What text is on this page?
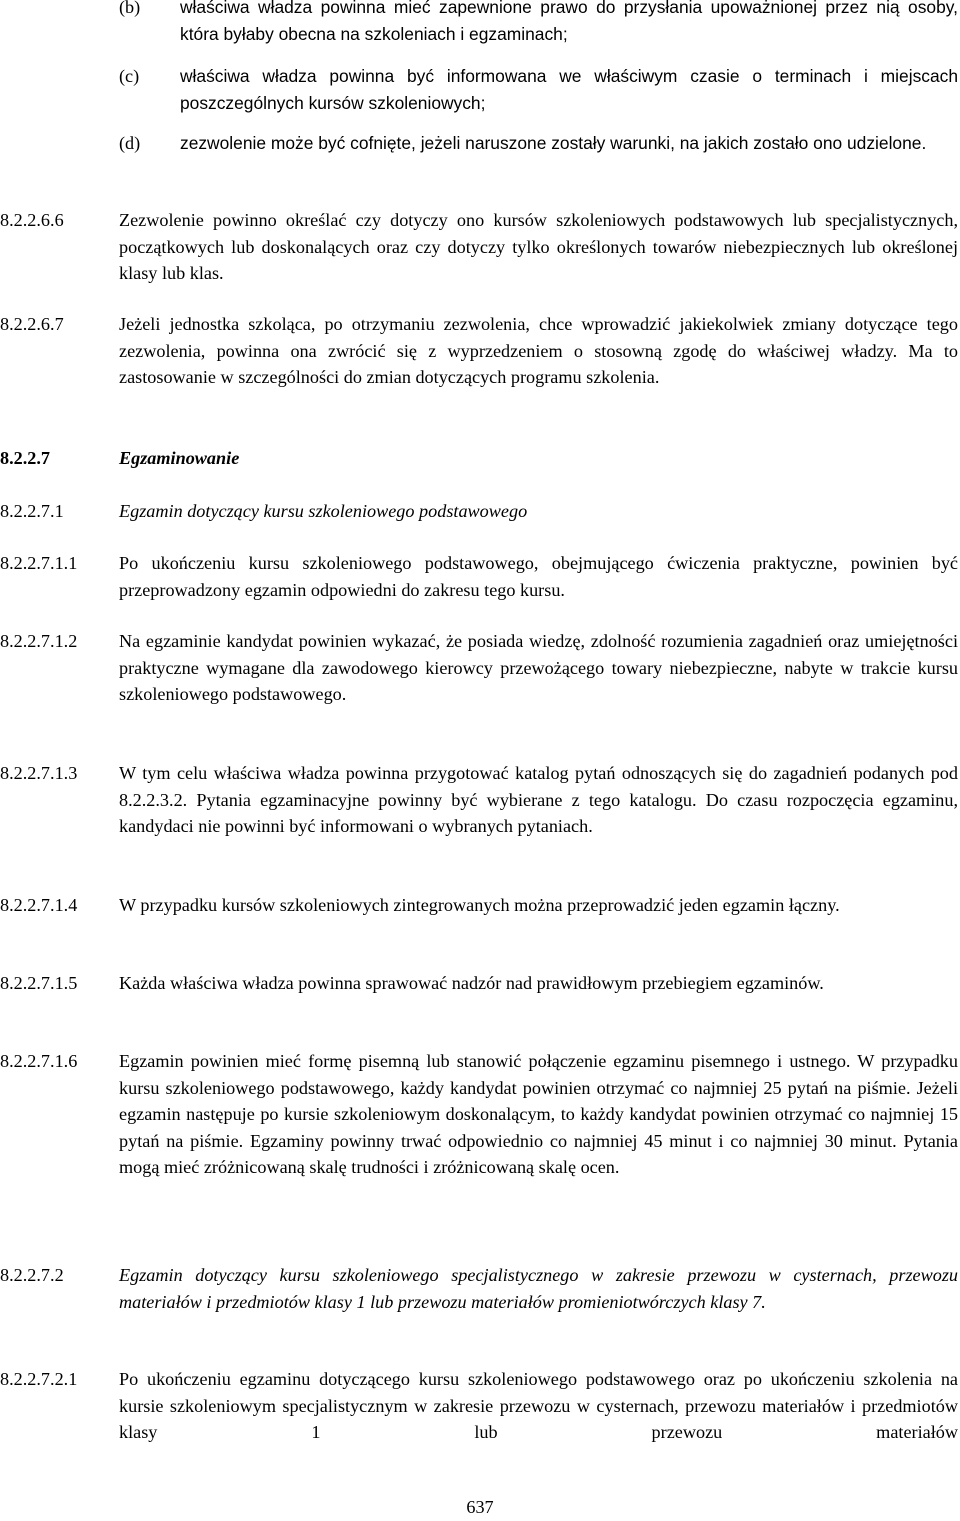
(b) właściwa władza powinna mieć zapewnione prawo do przysłania upoważnionej przez nią osoby, która byłaby obecna na szkoleniach i egzaminach;
(c) właściwa władza powinna być informowana we właściwym czasie o terminach i miejscach poszczególnych kursów szkoleniowych;
(d) zezwolenie może być cofnięte, jeżeli naruszone zostały warunki, na jakich zostało ono udzielone.
8.2.2.6.6	Zezwolenie powinno określać czy dotyczy ono kursów szkoleniowych podstawowych lub specjalistycznych, początkowych lub doskonalących oraz czy dotyczy tylko określonych towarów niebezpiecznych lub określonej klasy lub klas.
8.2.2.6.7	Jeżeli jednostka szkoląca, po otrzymaniu zezwolenia, chce wprowadzić jakiekolwiek zmiany dotyczące tego zezwolenia, powinna ona zwrócić się z wyprzedzeniem o stosowną zgodę do właściwej władzy. Ma to zastosowanie w szczególności do zmian dotyczących programu szkolenia.
8.2.2.7	Egzaminowanie
8.2.2.7.1	Egzamin dotyczący kursu szkoleniowego podstawowego
8.2.2.7.1.1 Po ukończeniu kursu szkoleniowego podstawowego, obejmującego ćwiczenia praktyczne, powinien być przeprowadzony egzamin odpowiedni do zakresu tego kursu.
8.2.2.7.1.2 Na egzaminie kandydat powinien wykazać, że posiada wiedzę, zdolność rozumienia zagadnień oraz umiejętności praktyczne wymagane dla zawodowego kierowcy przewożącego towary niebezpieczne, nabyte w trakcie kursu szkoleniowego podstawowego.
8.2.2.7.1.3 W tym celu właściwa władza powinna przygotować katalog pytań odnoszących się do zagadnień podanych pod 8.2.2.3.2. Pytania egzaminacyjne powinny być wybierane z tego katalogu. Do czasu rozpoczęcia egzaminu, kandydaci nie powinni być informowani o wybranych pytaniach.
8.2.2.7.1.4 W przypadku kursów szkoleniowych zintegrowanych można przeprowadzić jeden egzamin łączny.
8.2.2.7.1.5 Każda właściwa władza powinna sprawować nadzór nad prawidłowym przebiegiem egzaminów.
8.2.2.7.1.6 Egzamin powinien mieć formę pisemną lub stanowić połączenie egzaminu pisemnego i ustnego. W przypadku kursu szkoleniowego podstawowego, każdy kandydat powinien otrzymać co najmniej 25 pytań na piśmie. Jeżeli egzamin następuje po kursie szkoleniowym doskonalącym, to każdy kandydat powinien otrzymać co najmniej 15 pytań na piśmie. Egzaminy powinny trwać odpowiednio co najmniej 45 minut i co najmniej 30 minut. Pytania mogą mieć zróżnicowaną skalę trudności i zróżnicowaną skalę ocen.
8.2.2.7.2	Egzamin dotyczący kursu szkoleniowego specjalistycznego w zakresie przewozu w cysternach, przewozu materiałów i przedmiotów klasy 1 lub przewozu materiałów promieniotwórczych klasy 7.
8.2.2.7.2.1 Po ukończeniu egzaminu dotyczącego kursu szkoleniowego podstawowego oraz po ukończeniu szkolenia na kursie szkoleniowym specjalistycznym w zakresie przewozu w cysternach, przewozu materiałów i przedmiotów klasy 1 lub przewozu materiałów
637
